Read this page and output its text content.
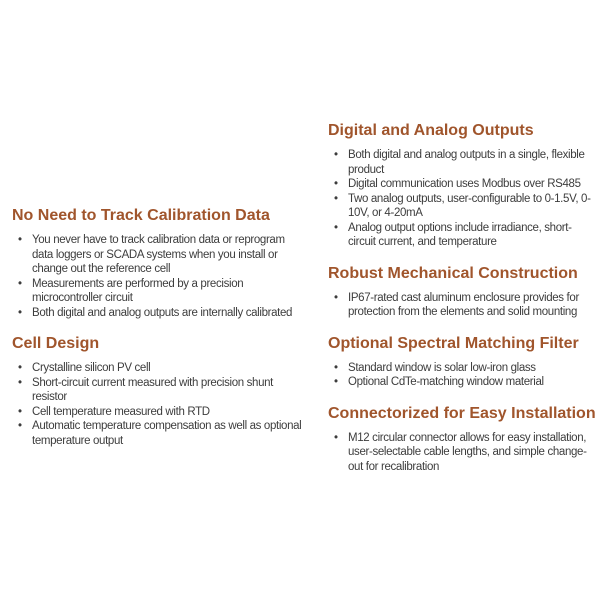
No Need to Track Calibration Data
• You never have to track calibration data or reprogram data loggers or SCADA systems when you install or change out the reference cell
• Measurements are performed by a precision microcontroller circuit
• Both digital and analog outputs are internally calibrated
Cell Design
• Crystalline silicon PV cell
• Short-circuit current measured with precision shunt resistor
• Cell temperature measured with RTD
• Automatic temperature compensation as well as optional temperature output
Digital and Analog Outputs
• Both digital and analog outputs in a single, flexible product
• Digital communication uses Modbus over RS485
• Two analog outputs, user-configurable to 0-1.5V, 0-10V, or 4-20mA
• Analog output options include irradiance, short-circuit current, and temperature
Robust Mechanical Construction
• IP67-rated cast aluminum enclosure provides for protection from the elements and solid mounting
Optional Spectral Matching Filter
• Standard window is solar low-iron glass
• Optional CdTe-matching window material
Connectorized for Easy Installation
• M12 circular connector allows for easy installation, user-selectable cable lengths, and simple change-out for recalibration
